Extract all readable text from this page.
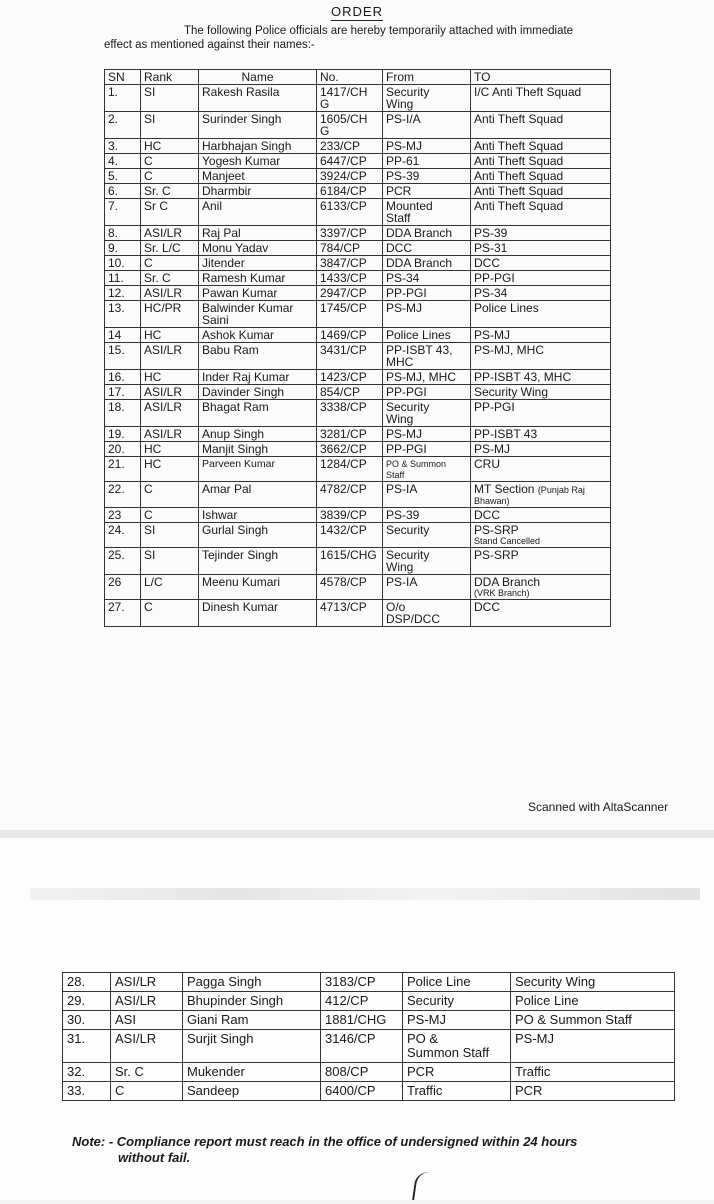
ORDER
The following Police officials are hereby temporarily attached with immediate
effect as mentioned against their names:-
SN	Rank	Name	No.	From	TO
1.	SI	Rakesh Rasila	1417/CH
G	Security
Wing	I/C Anti Theft Squad
2.	SI	Surinder Singh	1605/CH
G	PS-I/A	Anti Theft Squad
3.	HC	Harbhajan Singh	233/CP	PS-MJ	Anti Theft Squad
4.	C	Yogesh Kumar	6447/CP	PP-61	Anti Theft Squad
5.	C	Manjeet	3924/CP	PS-39	Anti Theft Squad
6.	Sr. C	Dharmbir	6184/CP	PCR	Anti Theft Squad
7.	Sr C	Anil	6133/CP	Mounted
Staff	Anti Theft Squad
8.	ASI/LR	Raj Pal	3397/CP	DDA Branch	PS-39
9.	Sr. L/C	Monu Yadav	784/CP	DCC	PS-31
10.	C	Jitender	3847/CP	DDA Branch	DCC
11.	Sr. C	Ramesh Kumar	1433/CP	PS-34	PP-PGI
12.	ASI/LR	Pawan Kumar	2947/CP	PP-PGI	PS-34
13.	HC/PR	Balwinder Kumar
Saini	1745/CP	PS-MJ	Police Lines
14	HC	Ashok Kumar	1469/CP	Police Lines	PS-MJ
15.	ASI/LR	Babu Ram	3431/CP	PP-ISBT 43,
MHC	PS-MJ, MHC
16.	HC	Inder Raj Kumar	1423/CP	PS-MJ, MHC	PP-ISBT 43, MHC
17.	ASI/LR	Davinder Singh	854/CP	PP-PGI	Security Wing
18.	ASI/LR	Bhagat Ram	3338/CP	Security
Wing	PP-PGI
19.	ASI/LR	Anup Singh	3281/CP	PS-MJ	PP-ISBT 43
20.	HC	Manjit Singh	3662/CP	PP-PGI	PS-MJ
21.	HC	Parveen Kumar	1284/CP	PO & Summon
Staff	CRU
22.	C	Amar Pal	4782/CP	PS-IA	MT Section (Punjab Raj
Bhawan)

23	C	Ishwar	3839/CP	PS-39	DCC
24.	SI	Gurlal Singh	1432/CP	Security	PS-SRP
Stand Cancelled

25.	SI	Tejinder Singh	1615/CHG	Security
Wing	PS-SRP
26	L/C	Meenu Kumari	4578/CP	PS-IA	DDA Branch
(VRK Branch)

27.	C	Dinesh Kumar	4713/CP	O/o
DSP/DCC	DCC
Scanned with AltaScanner
28.	ASI/LR	Pagga Singh	3183/CP	Police Line	Security Wing
29.	ASI/LR	Bhupinder Singh	412/CP	Security	Police Line
30.	ASI	Giani Ram	1881/CHG	PS-MJ	PO & Summon Staff
31.	ASI/LR	Surjit Singh	3146/CP	PO &
Summon Staff	PS-MJ
32.	Sr. C	Mukender	808/CP	PCR	Traffic
33.	C	Sandeep	6400/CP	Traffic	PCR
Note: - Compliance report must reach in the office of undersigned within 24 hours
without fail.
